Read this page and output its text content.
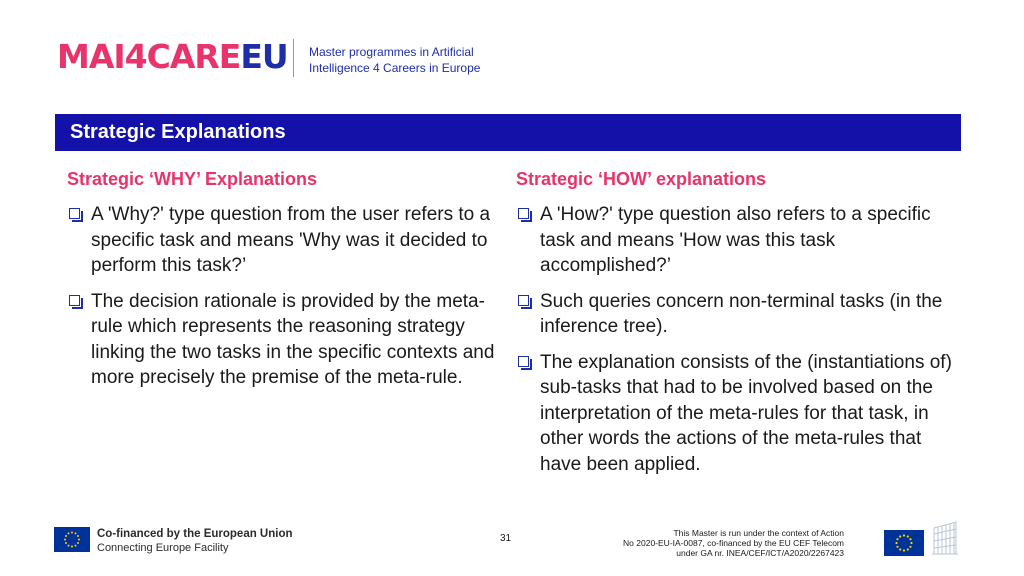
MAI4CAREEU Master programmes in Artificial
Intelligence 4 Careers in Europe
Strategic Explanations
Strategic ‘WHY’ Explanations
A 'Why?' type question from the user refers to a specific task and means 'Why was it decided to perform this task?’
The decision rationale is provided by the meta-rule which represents the reasoning strategy linking the two tasks in the specific contexts and more precisely the premise of the meta-rule.
Strategic ‘HOW’ explanations
A 'How?' type question also refers to a specific task and means 'How was this task accomplished?’
Such queries concern non-terminal tasks (in the inference tree).
The explanation consists of the (instantiations of) sub-tasks that had to be involved based on the interpretation of the meta-rules for that task, in other words the actions of the meta-rules that have been applied.
Co-financed by the European Union
Connecting Europe Facility
31	This Master is run under the context of Action
No 2020-EU-IA-0087, co-financed by the EU CEF Telecom
under GA nr. INEA/CEF/ICT/A2020/2267423
